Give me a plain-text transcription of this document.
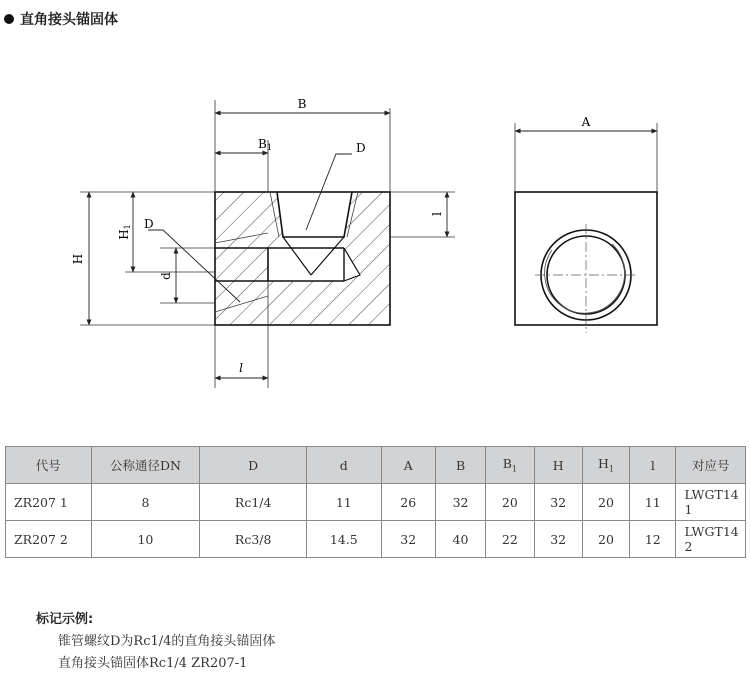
直角接头锚固体
B
B1	D
D
H1
H
d
l
l
A
代号	公称通径DN	D	d	A	B	$B_1$	H	$H_1$	l	对应号
ZR207 1	8	Rc1/4	11	26	32	20	32	20	11	LWGT14 1
ZR207 2	10	Rc3/8	14.5	32	40	22	32	20	12	LWGT14 2
标记示例:
锥管螺纹D为Rc1/4的直角接头锚固体
直角接头锚固体Rc1/4 ZR207-1
